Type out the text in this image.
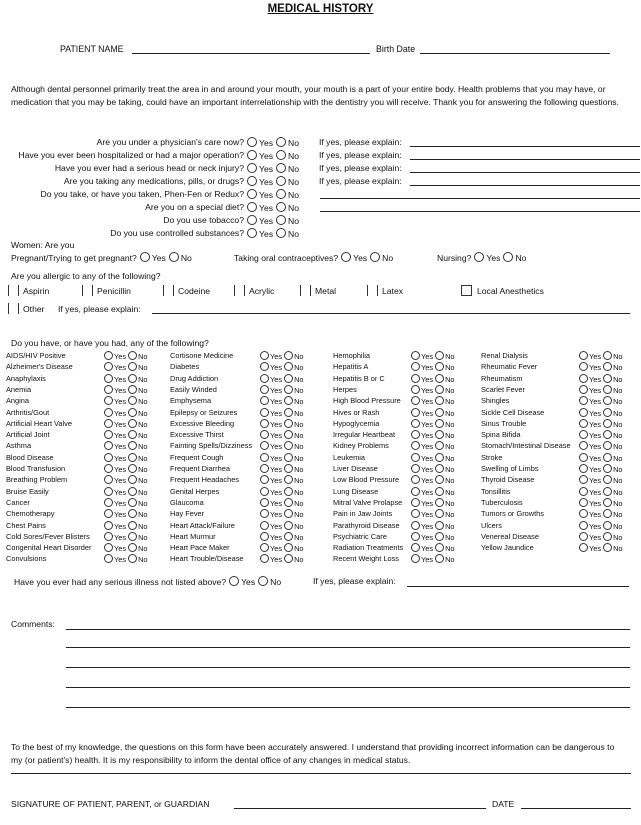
MEDICAL HISTORY
PATIENT NAME	Birth Date
Although dental personnel primarily treat the area in and around your mouth, your mouth is a part of your entire body. Health problems that you may have, or medication that you may be taking, could have an important interrelationship with the dentistry you will receive. Thank you for answering the following questions.
Are you under a physician's care now?	Yes No If yes, please explain:
Have you ever been hospitalized or had a major operation?	Yes No If yes, please explain:
Have you ever had a serious head or neck injury?	Yes No If yes, please explain:
Are you taking any medications, pills, or drugs?	Yes No If yes, please explain:
Do you take, or have you taken, Phen-Fen or Redux?	Yes No
Are you on a special diet?	Yes No
Do you use tobacco?	Yes No
Do you use controlled substances?	Yes No
Women: Are you
Pregnant/Trying to get pregnant? Yes No	Taking oral contraceptives? Yes No	Nursing? Yes No
Are you allergic to any of the following?
Aspirin	Penicillin	Codeine	Acrylic	Metal	Latex	Local Anesthetics
Other If yes, please explain:
Do you have, or have you had, any of the following?
AIDS/HIV Positive	Yes No
Alzheimer's Disease	Yes No
Anaphylaxis	Yes No
Anemia	Yes No
Angina	Yes No
Arthritis/Gout	Yes No
Artificial Heart Valve	Yes No
Artificial Joint	Yes No
Asthma	Yes No
Blood Disease	Yes No
Blood Transfusion	Yes No
Breathing Problem	Yes No
Bruise Easily	Yes No
Cancer	Yes No
Chemotherapy	Yes No
Chest Pains	Yes No
Cold Sores/Fever Blisters	Yes No
Congenital Heart Disorder	Yes No
Convulsions	Yes No
Cortisone Medicine	Yes No
Diabetes	Yes No
Drug Addiction	Yes No
Easily Winded	Yes No
Emphysema	Yes No
Epilepsy or Seizures	Yes No
Excessive Bleeding	Yes No
Excessive Thirst	Yes No
Fainting Spells/Dizziness	Yes No
Frequent Cough	Yes No
Frequent Diarrhea	Yes No
Frequent Headaches	Yes No
Genital Herpes	Yes No
Glaucoma	Yes No
Hay Fever	Yes No
Heart Attack/Failure	Yes No
Heart Murmur	Yes No
Heart Pace Maker	Yes No
Heart Trouble/Disease	Yes No
Hemophilia	Yes No
Hepatitis A	Yes No
Hepatitis B or C	Yes No
Herpes	Yes No
High Blood Pressure	Yes No
Hives or Rash	Yes No
Hypoglycemia	Yes No
Irregular Heartbeat	Yes No
Kidney Problems	Yes No
Leukemia	Yes No
Liver Disease	Yes No
Low Blood Pressure	Yes No
Lung Disease	Yes No
Mitral Valve Prolapse	Yes No
Pain in Jaw Joints	Yes No
Parathyroid Disease	Yes No
Psychiatric Care	Yes No
Radiation Treatments	Yes No
Recent Weight Loss	Yes No
Renal Dialysis	Yes No
Rheumatic Fever	Yes No
Rheumatism	Yes No
Scarlet Fever	Yes No
Shingles	Yes No
Sickle Cell Disease	Yes No
Sinus Trouble	Yes No
Spina Bifida	Yes No
Stomach/Intestinal Disease	Yes No
Stroke	Yes No
Swelling of Limbs	Yes No
Thyroid Disease	Yes No
Tonsillitis	Yes No
Tuberculosis	Yes No
Tumors or Growths	Yes No
Ulcers	Yes No
Venereal Disease	Yes No
Yellow Jaundice	Yes No
Have you ever had any serious illness not listed above? Yes No	If yes, please explain:
Comments:
To the best of my knowledge, the questions on this form have been accurately answered. I understand that providing incorrect information can be dangerous to my (or patient's) health. It is my responsibility to inform the dental office of any changes in medical status.
SIGNATURE OF PATIENT, PARENT, or GUARDIAN	DATE
